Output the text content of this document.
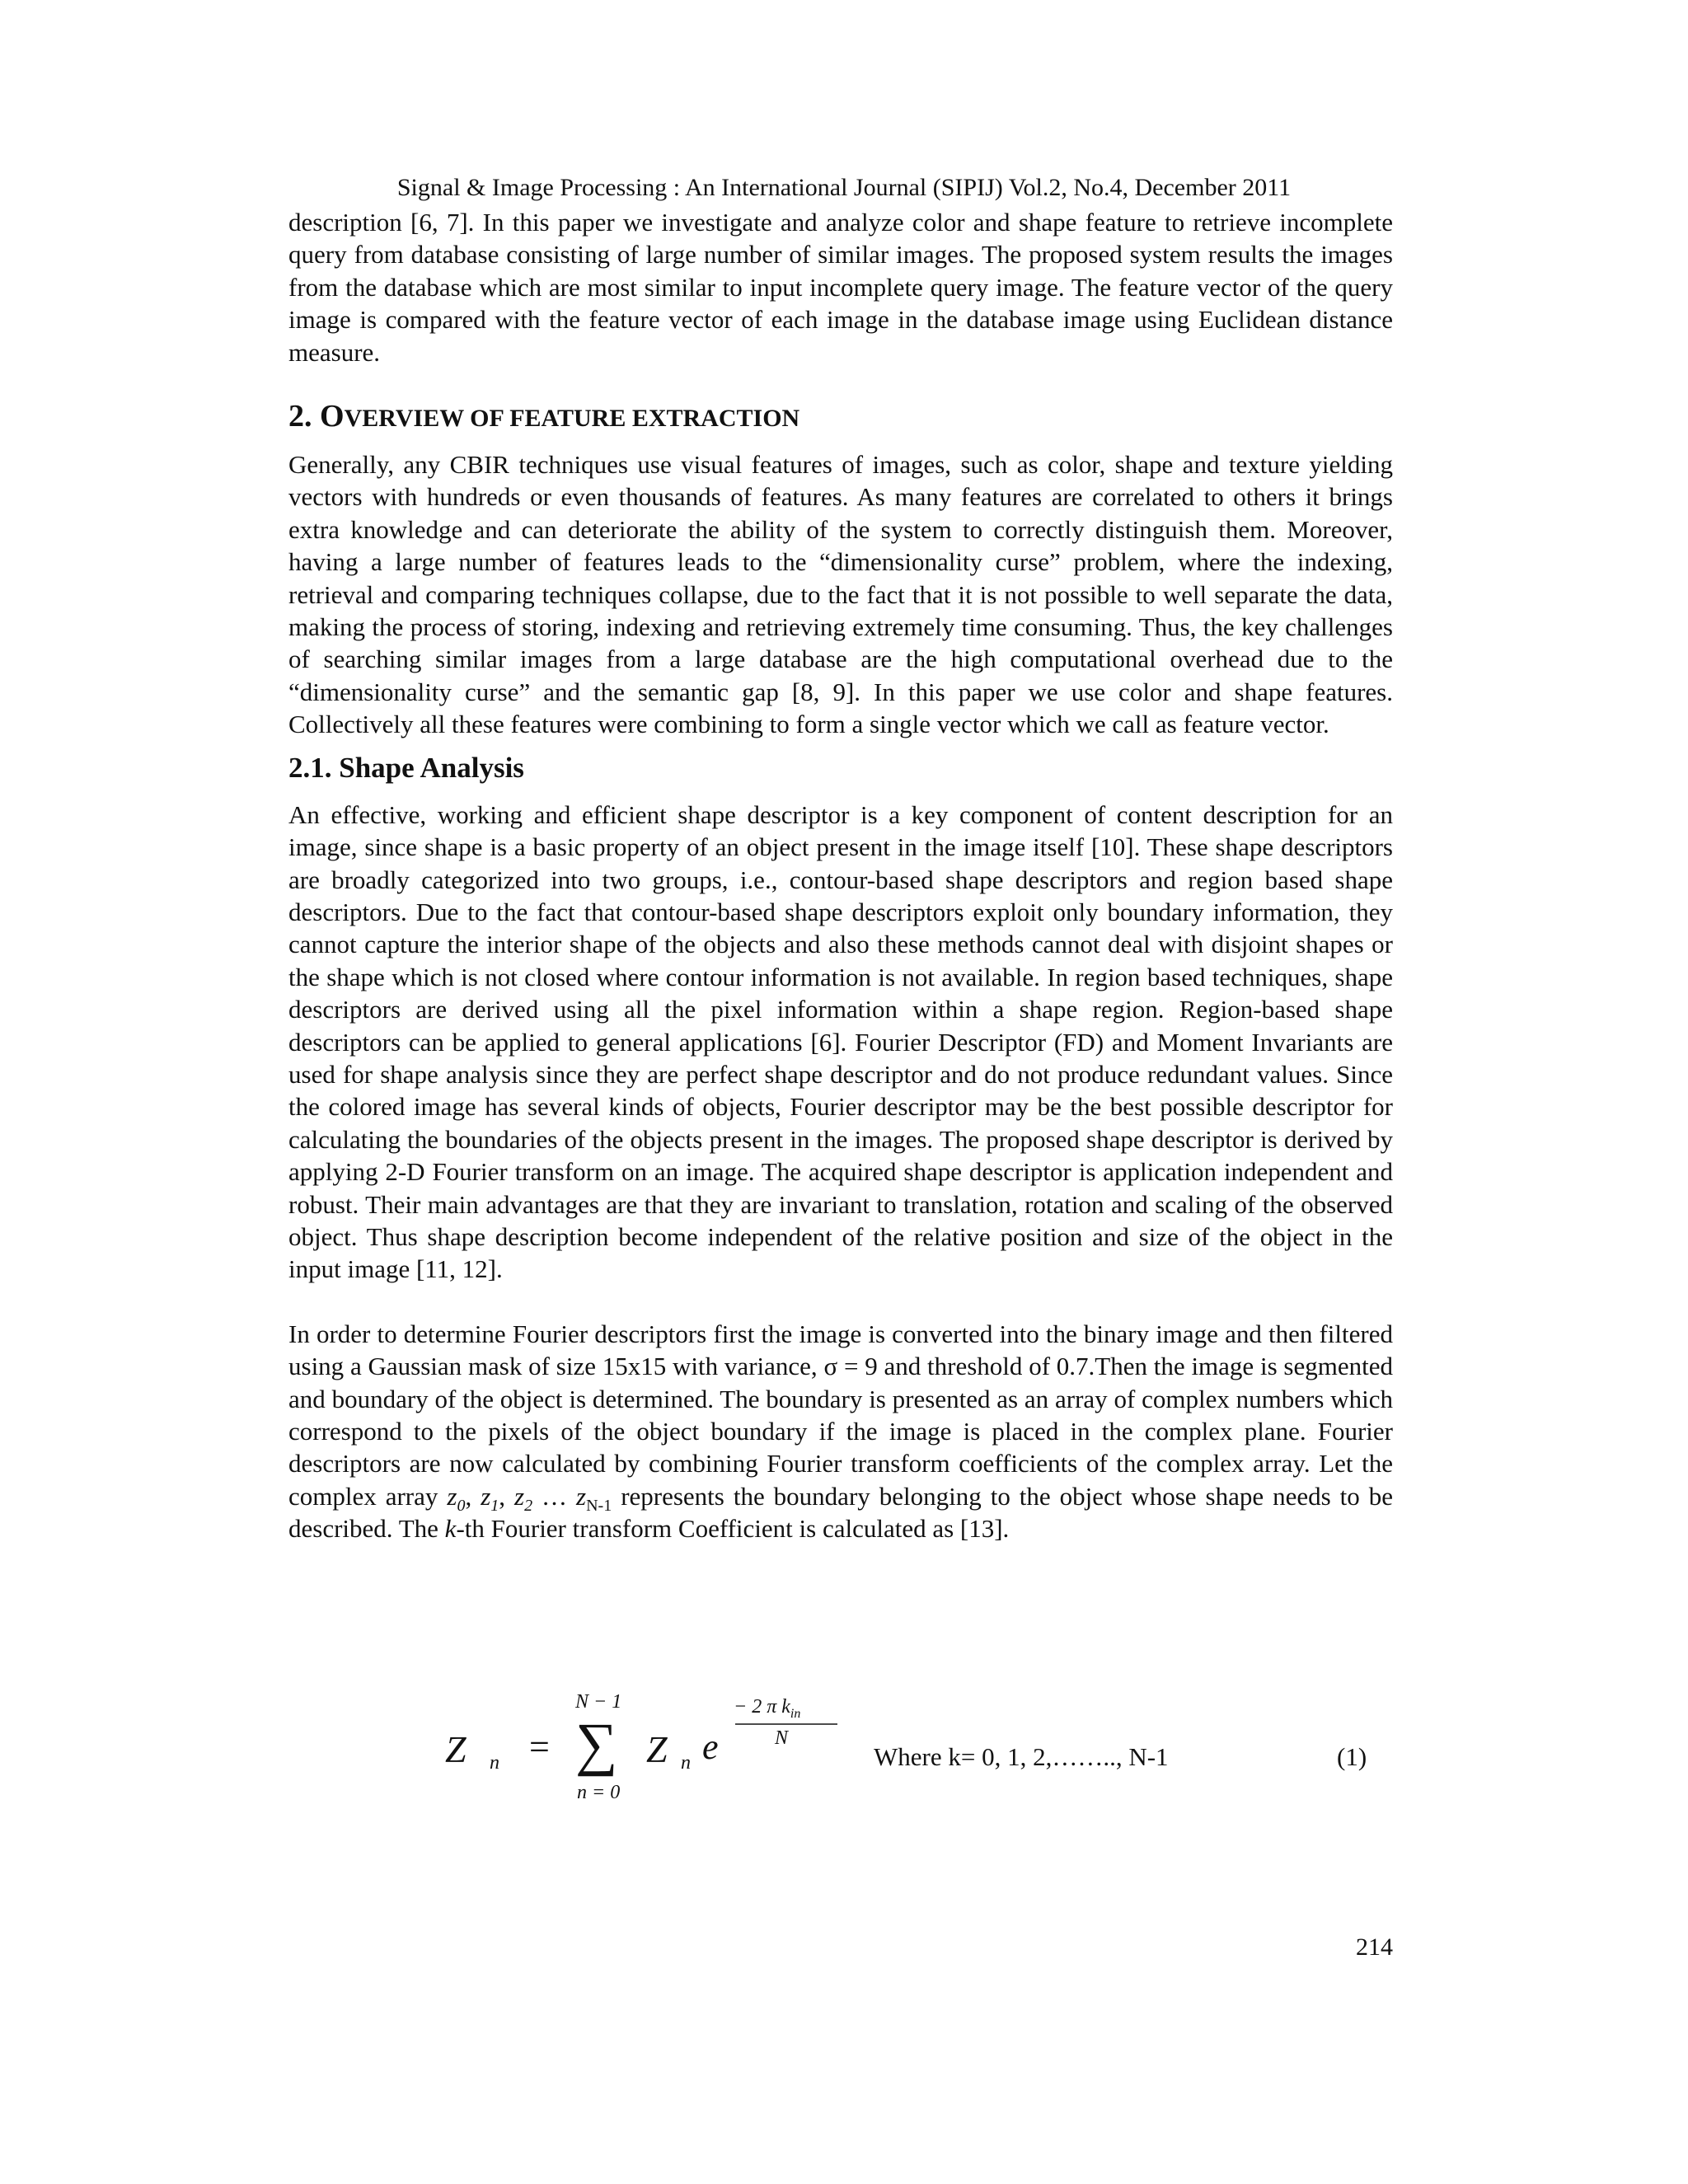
Signal & Image Processing : An International Journal (SIPIJ) Vol.2, No.4, December 2011

description [6, 7]. In this paper we investigate and analyze color and shape feature to retrieve incomplete query from database consisting of large number of similar images. The proposed system results the images from the database which are most similar to input incomplete query image. The feature vector of the query image is compared with the feature vector of each image in the database image using Euclidean distance measure.

2. OVERVIEW OF FEATURE EXTRACTION

Generally, any CBIR techniques use visual features of images, such as color, shape and texture yielding vectors with hundreds or even thousands of features. As many features are correlated to others it brings extra knowledge and can deteriorate the ability of the system to correctly distinguish them. Moreover, having a large number of features leads to the “dimensionality curse” problem, where the indexing, retrieval and comparing techniques collapse, due to the fact that it is not possible to well separate the data, making the process of storing, indexing and retrieving extremely time consuming. Thus, the key challenges of searching similar images from a large database are the high computational overhead due to the “dimensionality curse” and the semantic gap [8, 9]. In this paper we use color and shape features. Collectively all these features were combining to form a single vector which we call as feature vector.

2.1. Shape Analysis

An effective, working and efficient shape descriptor is a key component of content description for an image, since shape is a basic property of an object present in the image itself [10]. These shape descriptors are broadly categorized into two groups, i.e., contour-based shape descriptors and region based shape descriptors. Due to the fact that contour-based shape descriptors exploit only boundary information, they cannot capture the interior shape of the objects and also these methods cannot deal with disjoint shapes or the shape which is not closed where contour information is not available. In region based techniques, shape descriptors are derived using all the pixel information within a shape region. Region-based shape descriptors can be applied to general applications [6]. Fourier Descriptor (FD) and Moment Invariants are used for shape analysis since they are perfect shape descriptor and do not produce redundant values. Since the colored image has several kinds of objects, Fourier descriptor may be the best possible descriptor for calculating the boundaries of the objects present in the images. The proposed shape descriptor is derived by applying 2-D Fourier transform on an image. The acquired shape descriptor is application independent and robust. Their main advantages are that they are invariant to translation, rotation and scaling of the observed object. Thus shape description become independent of the relative position and size of the object in the input image [11, 12].

In order to determine Fourier descriptors first the image is converted into the binary image and then filtered using a Gaussian mask of size 15x15 with variance, σ = 9 and threshold of 0.7.Then the image is segmented and boundary of the object is determined. The boundary is presented as an array of complex numbers which correspond to the pixels of the object boundary if the image is placed in the complex plane. Fourier descriptors are now calculated by combining Fourier transform coefficients of the complex array. Let the complex array $z_0$, $z_1$, $z_2$ … $z_{N-1}$ represents the boundary belonging to the object whose shape needs to be described. The k-th Fourier transform Coefficient is calculated as [13].

Z n =
N − 1
∑
n = 0
Z n e
− 2 π $k_{in}$
N
Where k= 0, 1, 2,…….., N-1	(1)
214
